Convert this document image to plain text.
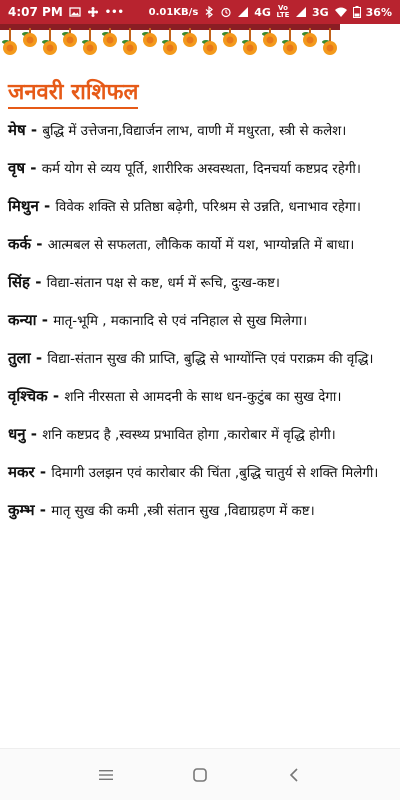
4:07 PM	••• 0.01KB/s	4G Vo LTE 3G	36%
जनवरी राशिफल

मेष - बुद्धि में उत्तेजना,विद्यार्जन लाभ, वाणी में मधुरता, स्त्री से कलेश।

वृष - कर्म योग से व्यय पूर्ति, शारीरिक अस्वस्थता, दिनचर्या कष्टप्रद रहेगी।

मिथुन - विवेक शक्ति से प्रतिष्ठा बढ़ेगी, परिश्रम से उन्नति, धनाभाव रहेगा।

कर्क - आत्मबल से सफलता, लौकिक कार्यो में यश, भाग्योन्नति में बाधा।

सिंह - विद्या-संतान पक्ष से कष्ट, धर्म में रूचि, दुःख-कष्ट।

कन्या - मातृ-भूमि , मकानादि से एवं ननिहाल से सुख मिलेगा।

तुला - विद्या-संतान सुख की प्राप्ति, बुद्धि से भाग्योंन्ति एवं पराक्रम की वृद्धि।

वृश्चिक - शनि नीरसता से आमदनी के साथ धन-कुटुंब का सुख देगा।

धनु - शनि कष्टप्रद है ,स्वस्थ्य प्रभावित होगा ,कारोबार में वृद्धि होगी।

मकर - दिमागी उलझन एवं कारोबार की चिंता ,बुद्धि चातुर्य से शक्ति मिलेगी।

कुम्भ - मातृ सुख की कमी ,स्त्री संतान सुख ,विद्याग्रहण में कष्ट।
